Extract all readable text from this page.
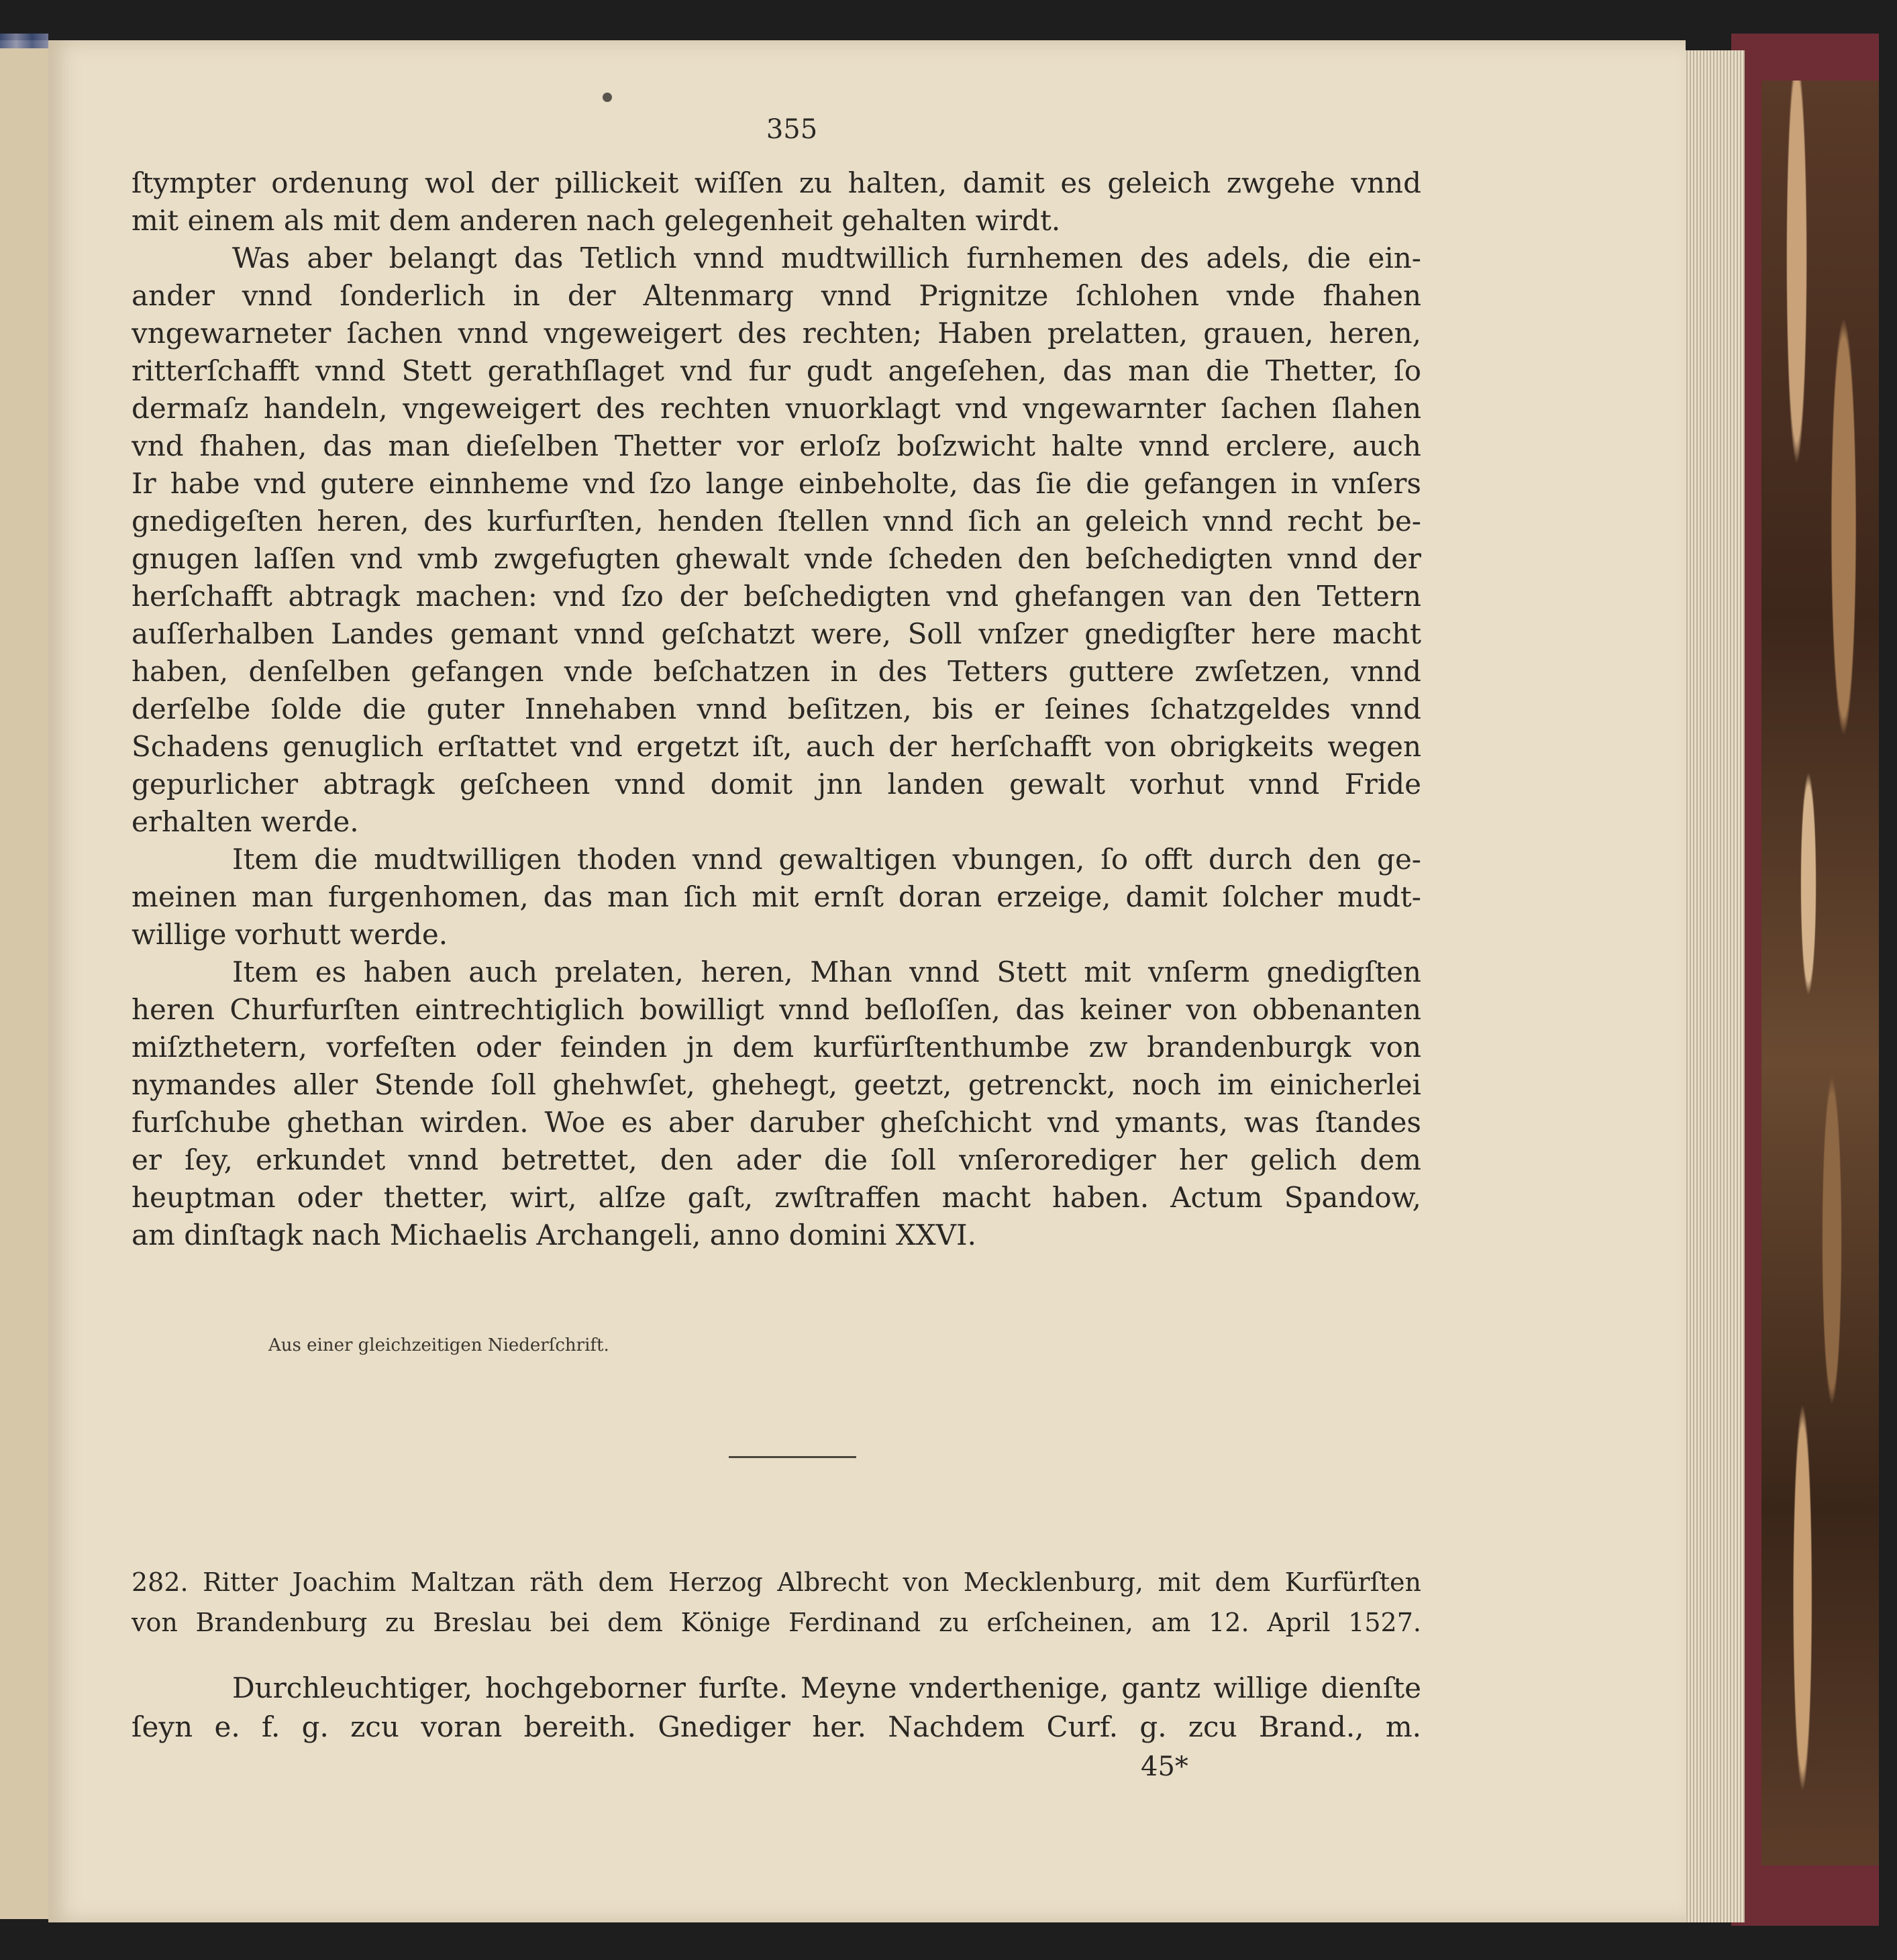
355
ſtympter ordenung wol der pillickeit wiſſen zu halten, damit es geleich zwgehe vnnd
mit einem als mit dem anderen nach gelegenheit gehalten wirdt.
Was aber belangt das Tetlich vnnd mudtwillich furnhemen des adels, die ein-
ander vnnd ſonderlich in der Altenmarg vnnd Prignitze ſchlohen vnde fhahen
vngewarneter ſachen vnnd vngeweigert des rechten; Haben prelatten, grauen, heren,
ritterſchafft vnnd Stett gerathſlaget vnd fur gudt angeſehen, das man die Thetter, ſo
dermaſz handeln, vngeweigert des rechten vnuorklagt vnd vngewarnter ſachen ſlahen
vnd fhahen, das man dieſelben Thetter vor erloſz boſzwicht halte vnnd erclere, auch
Ir habe vnd gutere einnheme vnd ſzo lange einbeholte, das ſie die gefangen in vnſers
gnedigeſten heren, des kurfurſten, henden ſtellen vnnd ſich an geleich vnnd recht be-
gnugen laſſen vnd vmb zwgefugten ghewalt vnde ſcheden den beſchedigten vnnd der
herſchafft abtragk machen: vnd ſzo der beſchedigten vnd ghefangen van den Tettern
auſſerhalben Landes gemant vnnd geſchatzt were, Soll vnſzer gnedigſter here macht
haben, denſelben gefangen vnde beſchatzen in des Tetters guttere zwſetzen, vnnd
derſelbe ſolde die guter Innehaben vnnd beſitzen, bis er ſeines ſchatzgeldes vnnd
Schadens genuglich erſtattet vnd ergetzt iſt, auch der herſchafft von obrigkeits wegen
gepurlicher abtragk geſcheen vnnd domit jnn landen gewalt vorhut vnnd Fride
erhalten werde.
Item die mudtwilligen thoden vnnd gewaltigen vbungen, ſo offt durch den ge-
meinen man furgenhomen, das man ſich mit ernſt doran erzeige, damit ſolcher mudt-
willige vorhutt werde.
Item es haben auch prelaten, heren, Mhan vnnd Stett mit vnſerm gnedigſten
heren Churfurſten eintrechtiglich bowilligt vnnd beſloſſen, das keiner von obbenanten
miſzthetern, vorfeſten oder feinden jn dem kurfürſtenthumbe zw brandenburgk von
nymandes aller Stende ſoll ghehwſet, ghehegt, geetzt, getrenckt, noch im einicherlei
furſchube ghethan wirden. Woe es aber daruber gheſchicht vnd ymants, was ſtandes
er ſey, erkundet vnnd betrettet, den ader die ſoll vnſerorediger her gelich dem
heuptman oder thetter, wirt, alſze gaſt, zwſtraffen macht haben. Actum Spandow,
am dinſtagk nach Michaelis Archangeli, anno domini XXVI.
Aus einer gleichzeitigen Niederſchrift.
282. Ritter Joachim Maltzan räth dem Herzog Albrecht von Mecklenburg, mit dem Kurfürſten
von Brandenburg zu Breslau bei dem Könige Ferdinand zu erſcheinen, am 12. April 1527.
Durchleuchtiger, hochgeborner furſte. Meyne vnderthenige, gantz willige dienſte
ſeyn e. f. g. zcu voran bereith. Gnediger her. Nachdem Curf. g. zcu Brand., m.
45*
